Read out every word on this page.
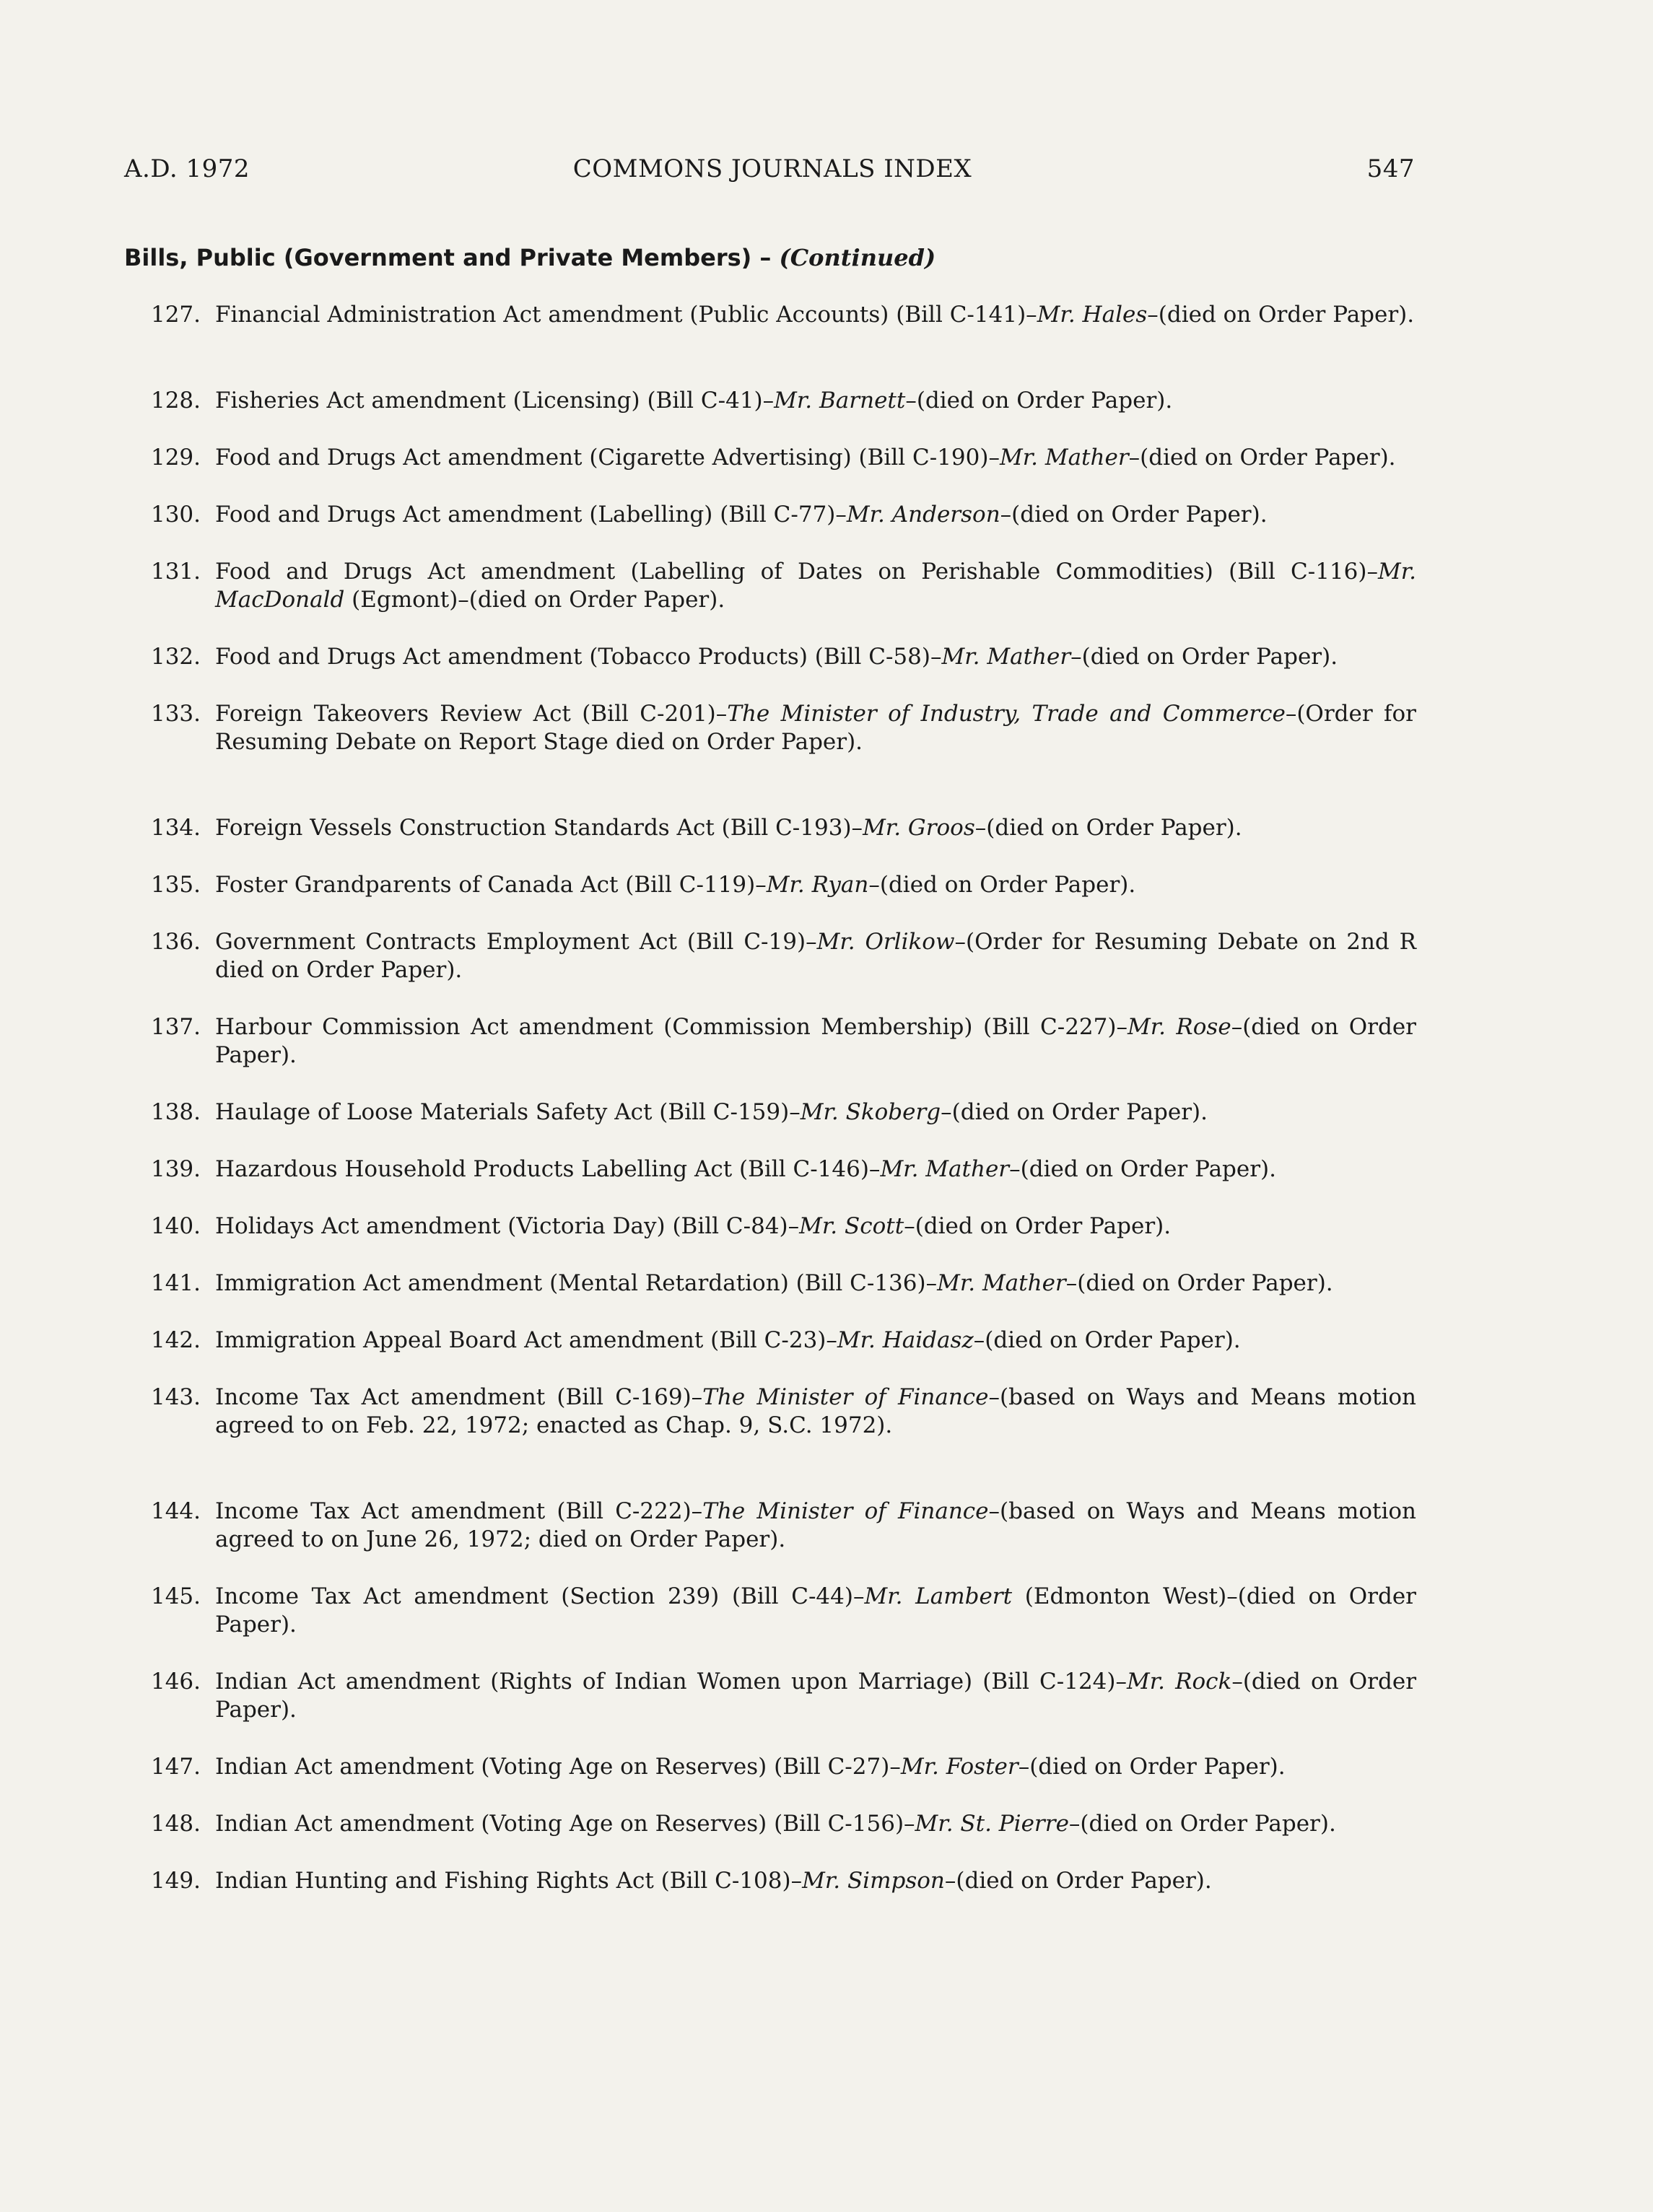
A.D. 1972	COMMONS JOURNALS INDEX	547
Bills, Public (Government and Private Members) – (Continued)
127. Financial Administration Act amendment (Public Accounts) (Bill C-141)–Mr. Hales–(died on Order Paper).
128. Fisheries Act amendment (Licensing) (Bill C-41)–Mr. Barnett–(died on Order Paper).
129. Food and Drugs Act amendment (Cigarette Advertising) (Bill C-190)–Mr. Mather–(died on Order Paper).
130. Food and Drugs Act amendment (Labelling) (Bill C-77)–Mr. Anderson–(died on Order Paper).
131. Food and Drugs Act amendment (Labelling of Dates on Perishable Commodities) (Bill C-116)–Mr. MacDonald (Egmont)–(died on Order Paper).
132. Food and Drugs Act amendment (Tobacco Products) (Bill C-58)–Mr. Mather–(died on Order Paper).
133. Foreign Takeovers Review Act (Bill C-201)–The Minister of Industry, Trade and Commerce–(Order for Resuming Debate on Report Stage died on Order Paper).
134. Foreign Vessels Construction Standards Act (Bill C-193)–Mr. Groos–(died on Order Paper).
135. Foster Grandparents of Canada Act (Bill C-119)–Mr. Ryan–(died on Order Paper).
136. Government Contracts Employment Act (Bill C-19)–Mr. Orlikow–(Order for Resuming Debate on 2nd R died on Order Paper).
137. Harbour Commission Act amendment (Commission Membership) (Bill C-227)–Mr. Rose–(died on Order Paper).
138. Haulage of Loose Materials Safety Act (Bill C-159)–Mr. Skoberg–(died on Order Paper).
139. Hazardous Household Products Labelling Act (Bill C-146)–Mr. Mather–(died on Order Paper).
140. Holidays Act amendment (Victoria Day) (Bill C-84)–Mr. Scott–(died on Order Paper).
141. Immigration Act amendment (Mental Retardation) (Bill C-136)–Mr. Mather–(died on Order Paper).
142. Immigration Appeal Board Act amendment (Bill C-23)–Mr. Haidasz–(died on Order Paper).
143. Income Tax Act amendment (Bill C-169)–The Minister of Finance–(based on Ways and Means motion agreed to on Feb. 22, 1972; enacted as Chap. 9, S.C. 1972).
144. Income Tax Act amendment (Bill C-222)–The Minister of Finance–(based on Ways and Means motion agreed to on June 26, 1972; died on Order Paper).
145. Income Tax Act amendment (Section 239) (Bill C-44)–Mr. Lambert (Edmonton West)–(died on Order Paper).
146. Indian Act amendment (Rights of Indian Women upon Marriage) (Bill C-124)–Mr. Rock–(died on Order Paper).
147. Indian Act amendment (Voting Age on Reserves) (Bill C-27)–Mr. Foster–(died on Order Paper).
148. Indian Act amendment (Voting Age on Reserves) (Bill C-156)–Mr. St. Pierre–(died on Order Paper).
149. Indian Hunting and Fishing Rights Act (Bill C-108)–Mr. Simpson–(died on Order Paper).
